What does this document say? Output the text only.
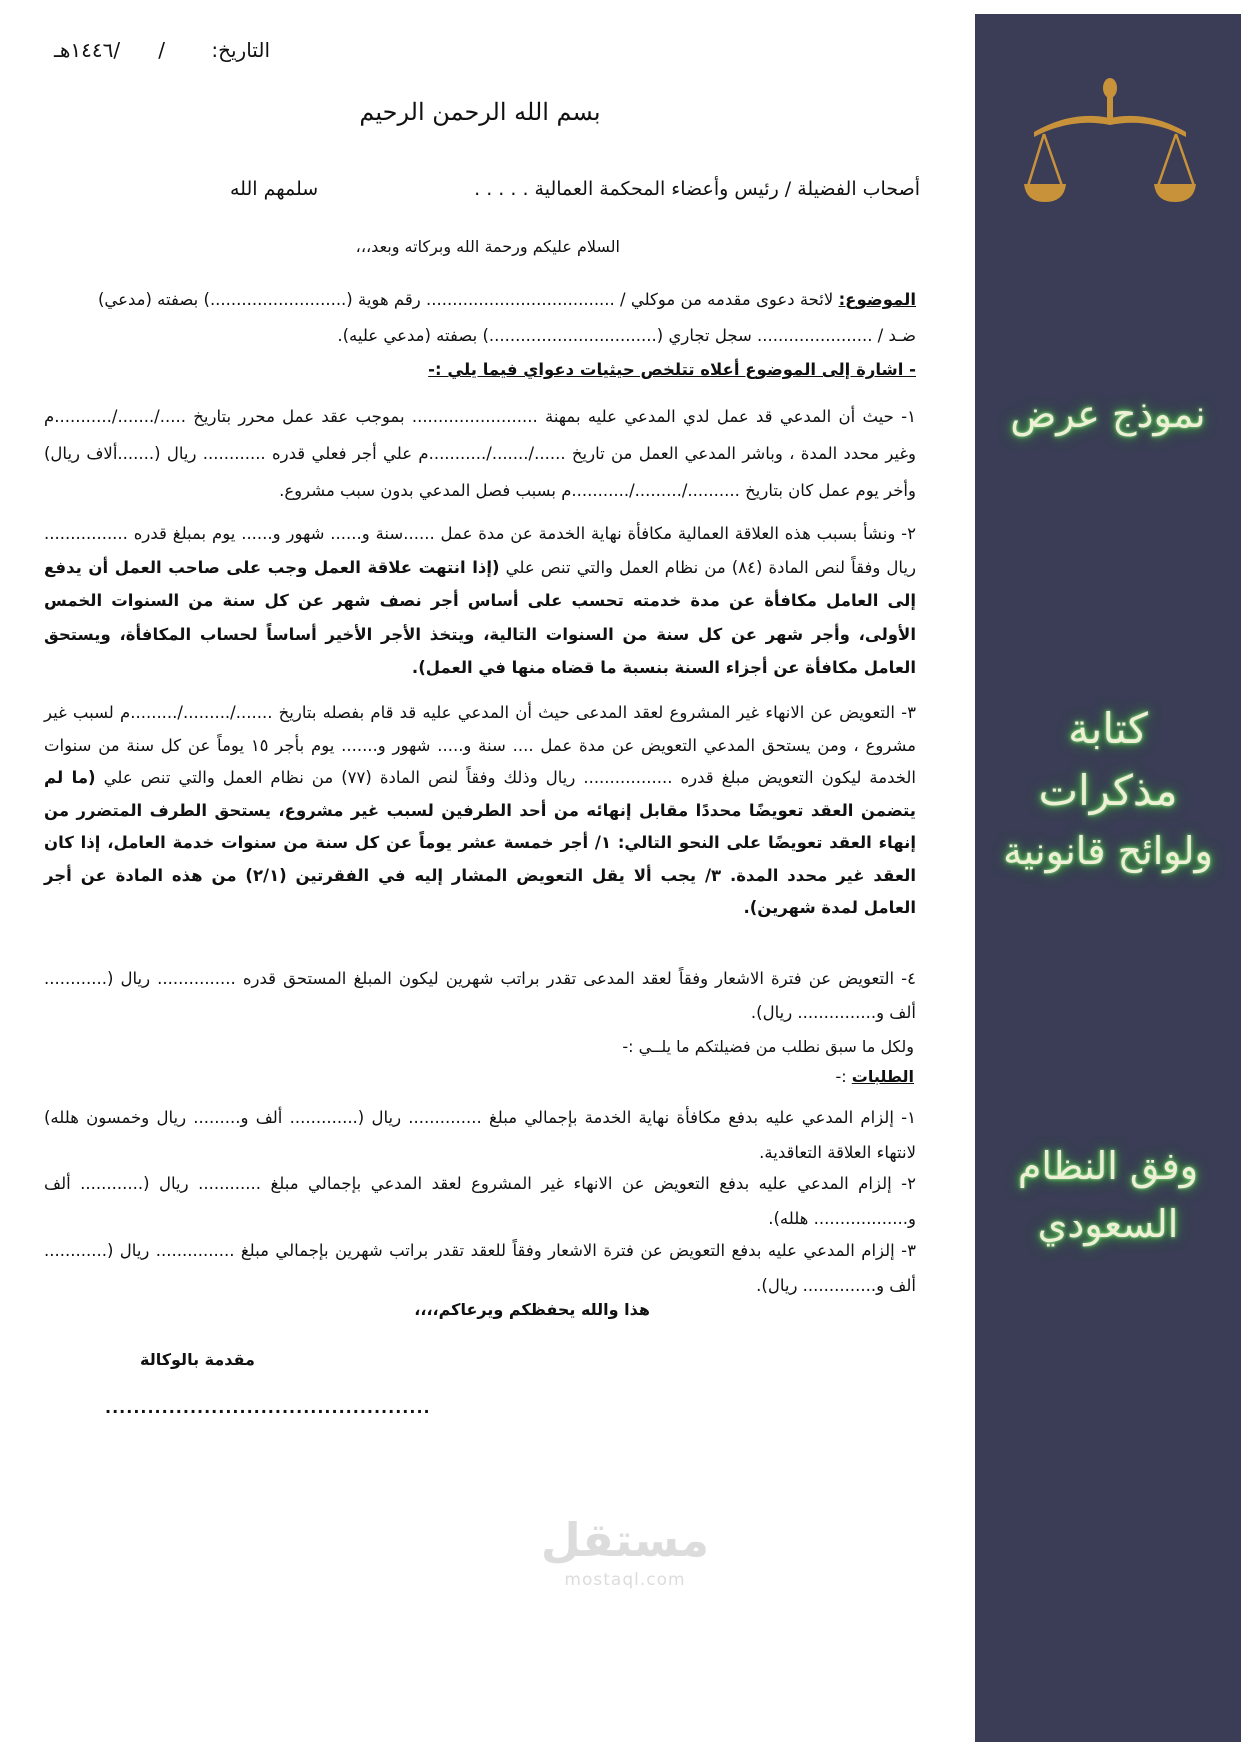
التاريخ: /      /١٤٤٦هـ
بسم الله الرحمن الرحيم
أصحاب الفضيلة / رئيس وأعضاء المحكمة العمالية . . . . .
سلمهم الله
السلام عليكم ورحمة الله وبركاته وبعد،،،
الموضوع: لائحة دعوى مقدمه من موكلي / .................................... رقم هوية (..........................) بصفته (مدعي)
ضـد / ...................... سجل تجاري (................................) بصفته (مدعي عليه).
- اشارة إلى الموضوع أعلاه تتلخص حيثيات دعواي فيما يلي :-
١- حيث أن المدعي قد عمل لدي المدعي عليه بمهنة ........................ بموجب عقد عمل محرر بتاريخ ...../......./...........م وغير محدد المدة ، وباشر المدعي العمل من تاريخ ....../......./...........م علي أجر فعلي قدره ............ ريال (.......ألاف ريال) وأخر يوم عمل كان بتاريخ ........../........./...........م بسبب فصل المدعي بدون سبب مشروع.
٢- ونشأ بسبب هذه العلاقة العمالية مكافأة نهاية الخدمة عن مدة عمل ......سنة و...... شهور و...... يوم بمبلغ قدره ................ ريال وفقاً لنص المادة (٨٤) من نظام العمل والتي تنص علي (إذا انتهت علاقة العمل وجب على صاحب العمل أن يدفع إلى العامل مكافأة عن مدة خدمته تحسب على أساس أجر نصف شهر عن كل سنة من السنوات الخمس الأولى، وأجر شهر عن كل سنة من السنوات التالية، ويتخذ الأجر الأخير أساساً لحساب المكافأة، ويستحق العامل مكافأة عن أجزاء السنة بنسبة ما قضاه منها في العمل).
٣- التعويض عن الانهاء غير المشروع لعقد المدعى حيث أن المدعي عليه قد قام بفصله بتاريخ ......./........./.........م لسبب غير مشروع ، ومن يستحق المدعي التعويض عن مدة عمل .... سنة و..... شهور و....... يوم بأجر ١٥ يوماً عن كل سنة من سنوات الخدمة ليكون التعويض مبلغ قدره ................. ريال وذلك وفقاً لنص المادة (٧٧) من نظام العمل والتي تنص علي (ما لم يتضمن العقد تعويضًا محددًا مقابل إنهائه من أحد الطرفين لسبب غير مشروع، يستحق الطرف المتضرر من إنهاء العقد تعويضًا على النحو التالي: ١/ أجر خمسة عشر يوماً عن كل سنة من سنوات خدمة العامل، إذا كان العقد غير محدد المدة. ٣/ يجب ألا يقل التعويض المشار إليه في الفقرتين (٢/١) من هذه المادة عن أجر العامل لمدة شهرين).
٤- التعويض عن فترة الاشعار وفقاً لعقد المدعى تقدر براتب شهرين ليكون المبلغ المستحق قدره ............... ريال (............ ألف و............... ريال).
ولكل ما سبق نطلب من فضيلتكم ما يلــي :-
الطلبات :-
١- إلزام المدعي عليه بدفع مكافأة نهاية الخدمة بإجمالي مبلغ .............. ريال (............. ألف و......... ريال وخمسون هلله) لانتهاء العلاقة التعاقدية.
٢- إلزام المدعي عليه بدفع التعويض عن الانهاء غير المشروع لعقد المدعي بإجمالي مبلغ ............ ريال (............ ألف و.................. هلله).
٣- إلزام المدعي عليه بدفع التعويض عن فترة الاشعار وفقاً للعقد تقدر براتب شهرين بإجمالي مبلغ ............... ريال (............ ألف و.............. ريال).
هذا والله يحفظكم ويرعاكم،،،،
مقدمة بالوكالة
..............................................
مستقل
mostaql.com
نموذج عرض
كتابة
مذكرات
ولوائح قانونية
وفق النظام
السعودي
